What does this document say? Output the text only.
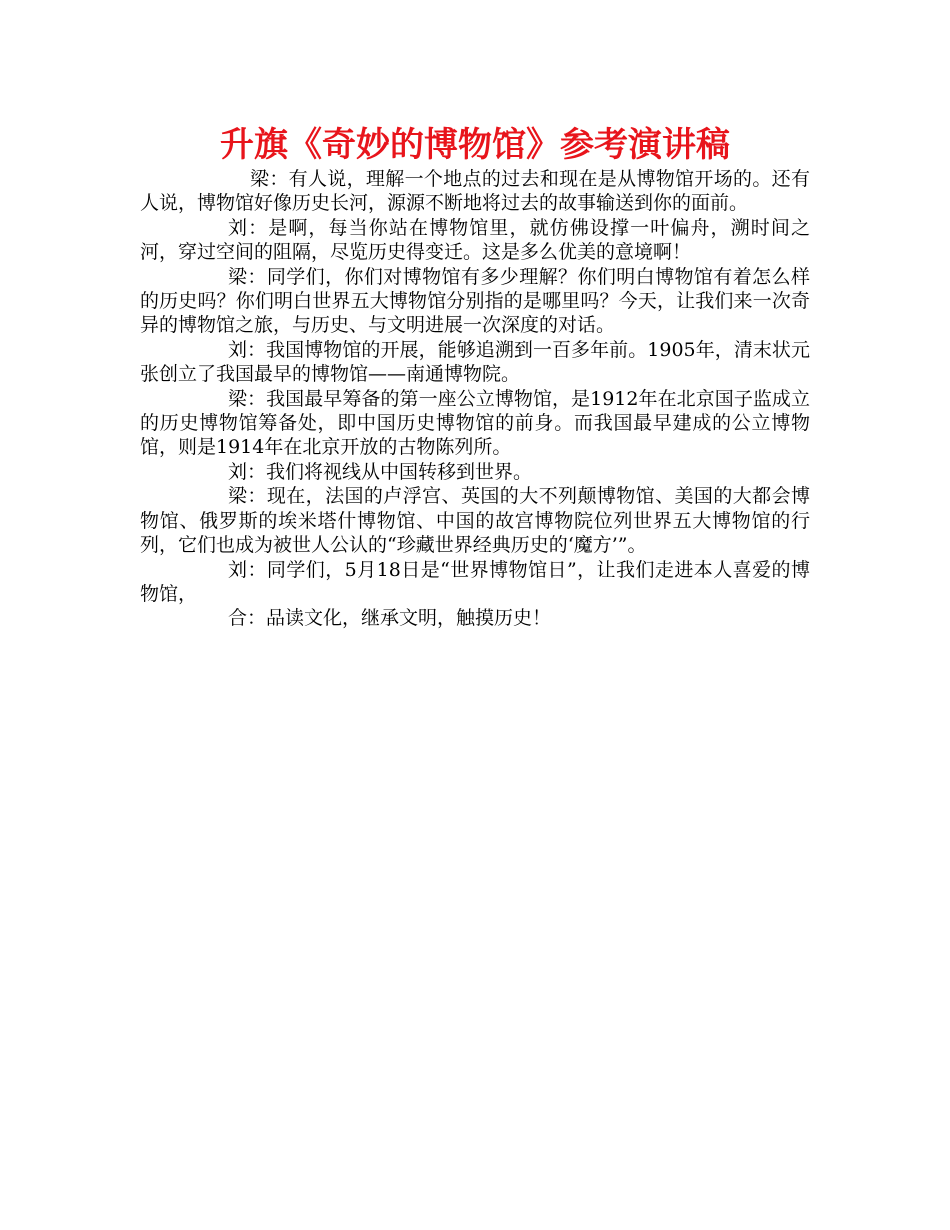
升旗《奇妙的博物馆》参考演讲稿

梁：有人说，理解一个地点的过去和现在是从博物馆开场的。还有人说，博物馆好像历史长河，源源不断地将过去的故事输送到你的面前。

刘：是啊，每当你站在博物馆里，就仿佛设撑一叶偏舟，溯时间之河，穿过空间的阻隔，尽览历史得变迁。这是多么优美的意境啊！

梁：同学们，你们对博物馆有多少理解？你们明白博物馆有着怎么样的历史吗？你们明白世界五大博物馆分别指的是哪里吗？今天，让我们来一次奇异的博物馆之旅，与历史、与文明进展一次深度的对话。

刘：我国博物馆的开展，能够追溯到一百多年前。1905年，清末状元张创立了我国最早的博物馆——南通博物院。

梁：我国最早筹备的第一座公立博物馆，是1912年在北京国子监成立的历史博物馆筹备处，即中国历史博物馆的前身。而我国最早建成的公立博物馆，则是1914年在北京开放的古物陈列所。

刘：我们将视线从中国转移到世界。

梁：现在，法国的卢浮宫、英国的大不列颠博物馆、美国的大都会博物馆、俄罗斯的埃米塔什博物馆、中国的故宫博物院位列世界五大博物馆的行列，它们也成为被世人公认的“珍藏世界经典历史的‘魔方’”。

刘：同学们，5月18日是“世界博物馆日”，让我们走进本人喜爱的博物馆，

合：品读文化，继承文明，触摸历史！
